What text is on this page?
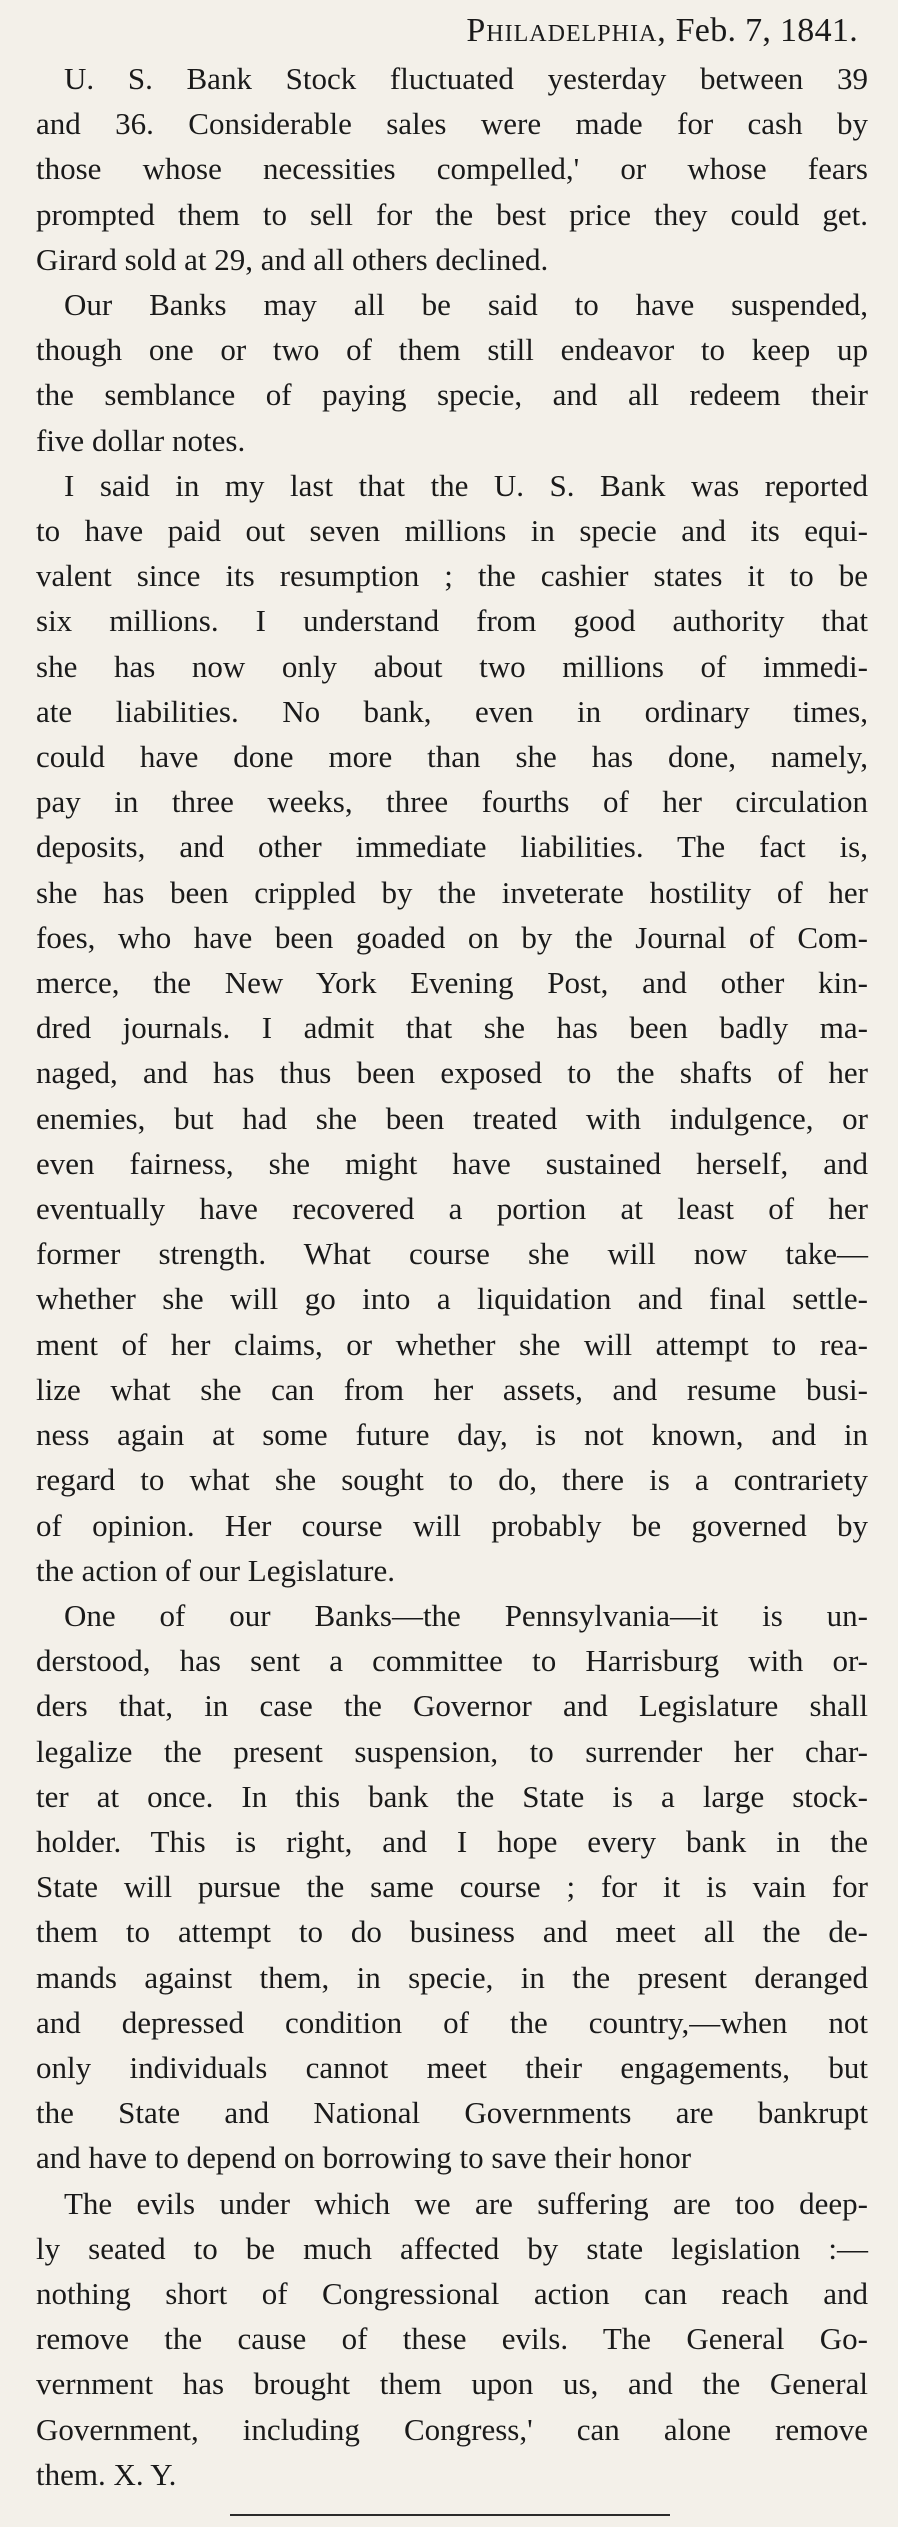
Philadelphia, Feb. 7, 1841.
U. S. Bank Stock fluctuated yesterday between 39
and 36. Considerable sales were made for cash by
those whose necessities compelled,' or whose fears
prompted them to sell for the best price they could get.
Girard sold at 29, and all others declined.
Our Banks may all be said to have suspended,
though one or two of them still endeavor to keep up
the semblance of paying specie, and all redeem their
five dollar notes.
I said in my last that the U. S. Bank was reported
to have paid out seven millions in specie and its equi-
valent since its resumption ; the cashier states it to be
six millions. I understand from good authority that
she has now only about two millions of immedi-
ate liabilities. No bank, even in ordinary times,
could have done more than she has done, namely,
pay in three weeks, three fourths of her circulation
deposits, and other immediate liabilities. The fact is,
she has been crippled by the inveterate hostility of her
foes, who have been goaded on by the Journal of Com-
merce, the New York Evening Post, and other kin-
dred journals. I admit that she has been badly ma-
naged, and has thus been exposed to the shafts of her
enemies, but had she been treated with indulgence, or
even fairness, she might have sustained herself, and
eventually have recovered a portion at least of her
former strength. What course she will now take—
whether she will go into a liquidation and final settle-
ment of her claims, or whether she will attempt to rea-
lize what she can from her assets, and resume busi-
ness again at some future day, is not known, and in
regard to what she sought to do, there is a contrariety
of opinion. Her course will probably be governed by
the action of our Legislature.
One of our Banks—the Pennsylvania—it is un-
derstood, has sent a committee to Harrisburg with or-
ders that, in case the Governor and Legislature shall
legalize the present suspension, to surrender her char-
ter at once. In this bank the State is a large stock-
holder. This is right, and I hope every bank in the
State will pursue the same course ; for it is vain for
them to attempt to do business and meet all the de-
mands against them, in specie, in the present deranged
and depressed condition of the country,—when not
only individuals cannot meet their engagements, but
the State and National Governments are bankrupt
and have to depend on borrowing to save their honor
The evils under which we are suffering are too deep-
ly seated to be much affected by state legislation :—
nothing short of Congressional action can reach and
remove the cause of these evils. The General Go-
vernment has brought them upon us, and the General
Government, including Congress,' can alone remove
them. X. Y.
